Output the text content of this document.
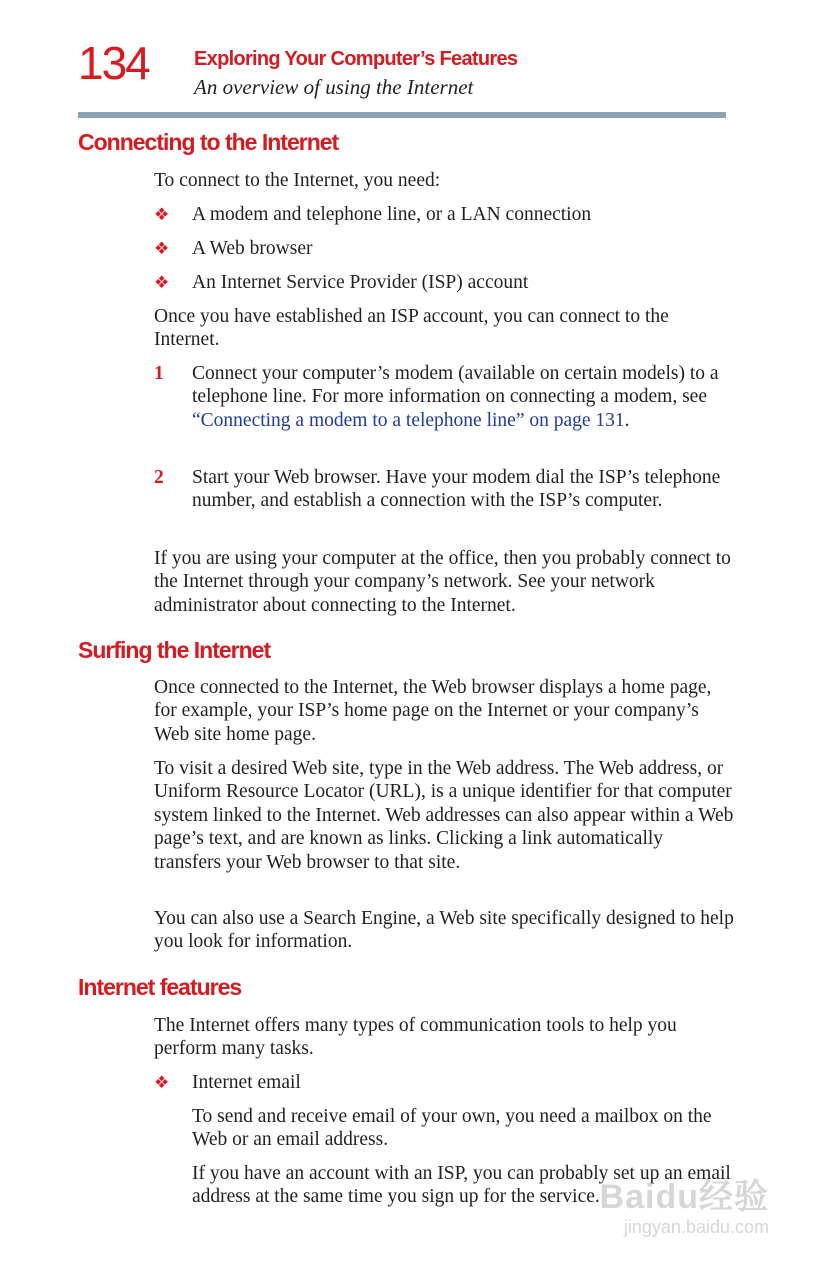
134 Exploring Your Computer’s Features
An overview of using the Internet
Connecting to the Internet

To connect to the Internet, you need:

❖ A modem and telephone line, or a LAN connection

❖ A Web browser

❖ An Internet Service Provider (ISP) account

Once you have established an ISP account, you can connect to the Internet.

1 Connect your computer’s modem (available on certain models) to a telephone line. For more information on connecting a modem, see “Connecting a modem to a telephone line” on page 131.

2 Start your Web browser. Have your modem dial the ISP’s telephone number, and establish a connection with the ISP’s computer.

If you are using your computer at the office, then you probably connect to the Internet through your company’s network. See your network administrator about connecting to the Internet.

Surfing the Internet

Once connected to the Internet, the Web browser displays a home page, for example, your ISP’s home page on the Internet or your company’s Web site home page.

To visit a desired Web site, type in the Web address. The Web address, or Uniform Resource Locator (URL), is a unique identifier for that computer system linked to the Internet. Web addresses can also appear within a Web page’s text, and are known as links. Clicking a link automatically transfers your Web browser to that site.

You can also use a Search Engine, a Web site specifically designed to help you look for information.

Internet features

The Internet offers many types of communication tools to help you perform many tasks.

❖ Internet email

To send and receive email of your own, you need a mailbox on the Web or an email address.

If you have an account with an ISP, you can probably set up an email address at the same time you sign up for the service. Baidu经验
jingyan.baidu.com
